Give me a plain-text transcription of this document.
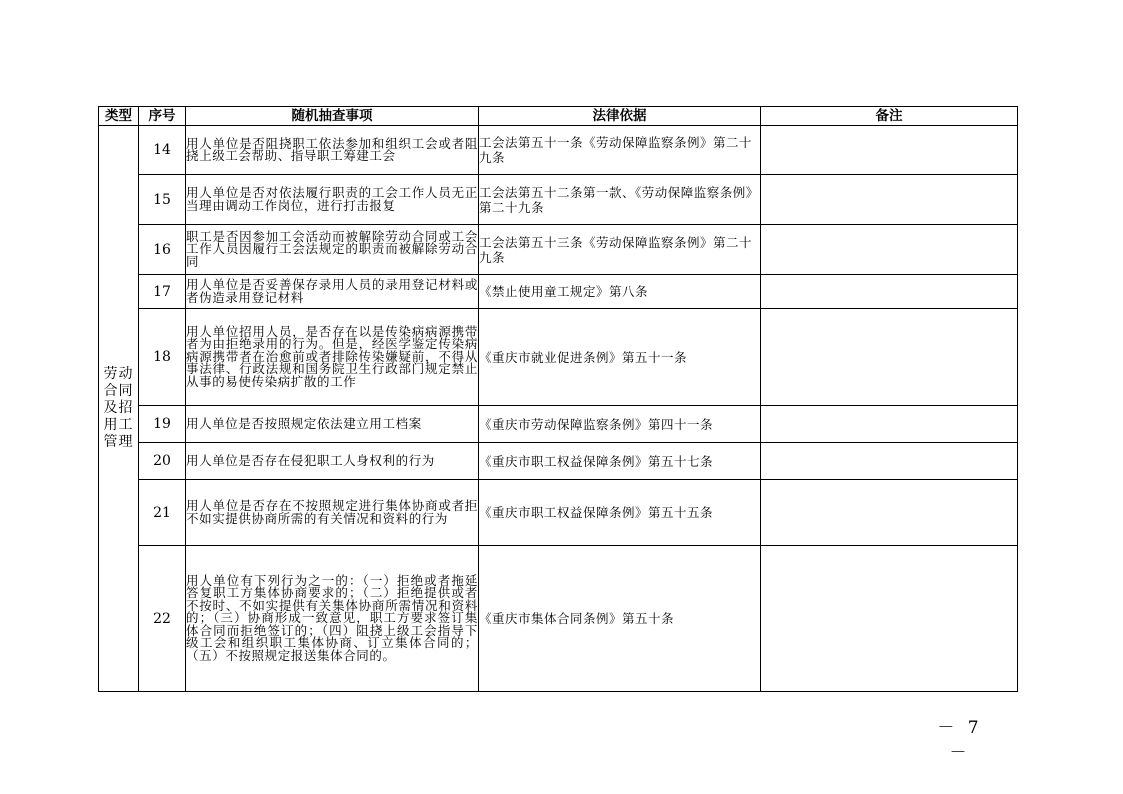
类型	序号	随机抽查事项	法律依据	备注
劳动合同及招用工管理	14	用人单位是否阻挠职工依法参加和组织工会或者阻挠上级工会帮助、指导职工筹建工会	工会法第五十一条《劳动保障监察条例》第二十九条	
	15	用人单位是否对依法履行职责的工会工作人员无正当理由调动工作岗位，进行打击报复	工会法第五十二条第一款、《劳动保障监察条例》第二十九条	
	16	职工是否因参加工会活动而被解除劳动合同或工会工作人员因履行工会法规定的职责而被解除劳动合同	工会法第五十三条《劳动保障监察条例》第二十九条	
	17	用人单位是否妥善保存录用人员的录用登记材料或者伪造录用登记材料	《禁止使用童工规定》第八条	
	18	用人单位招用人员，是否存在以是传染病病源携带者为由拒绝录用的行为。但是，经医学鉴定传染病病源携带者在治愈前或者排除传染嫌疑前，不得从事法律、行政法规和国务院卫生行政部门规定禁止从事的易使传染病扩散的工作	《重庆市就业促进条例》第五十一条	
	19	用人单位是否按照规定依法建立用工档案	《重庆市劳动保障监察条例》第四十一条	
	20	用人单位是否存在侵犯职工人身权利的行为	《重庆市职工权益保障条例》第五十七条	
	21	用人单位是否存在不按照规定进行集体协商或者拒不如实提供协商所需的有关情况和资料的行为	《重庆市职工权益保障条例》第五十五条	
	22	用人单位有下列行为之一的：（一）拒绝或者拖延答复职工方集体协商要求的；（二）拒绝提供或者不按时、不如实提供有关集体协商所需情况和资料的；（三）协商形成一致意见，职工方要求签订集体合同而拒绝签订的；（四）阻挠上级工会指导下级工会和组织职工集体协商、订立集体合同的；（五）不按照规定报送集体合同的。	《重庆市集体合同条例》第五十条	
－ 7 －
